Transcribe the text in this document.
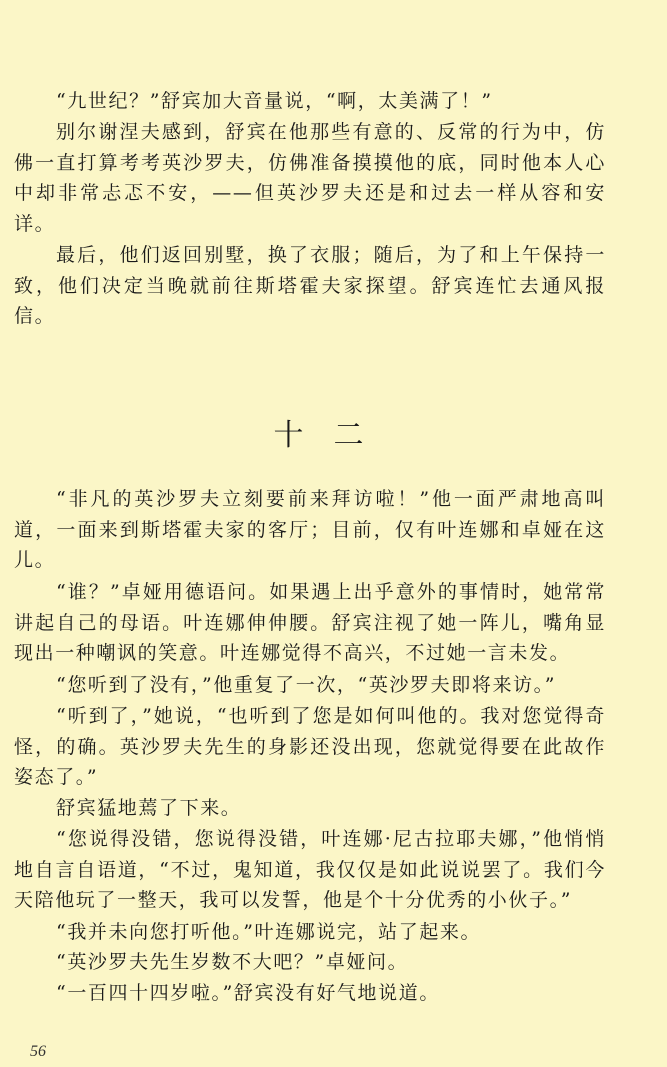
“九世纪？”舒宾加大音量说，“啊，太美满了！”

别尔谢涅夫感到，舒宾在他那些有意的、反常的行为中，仿佛一直打算考考英沙罗夫，仿佛准备摸摸他的底，同时他本人心中却非常忐忑不安，——但英沙罗夫还是和过去一样从容和安详。

最后，他们返回别墅，换了衣服；随后，为了和上午保持一致，他们决定当晚就前往斯塔霍夫家探望。舒宾连忙去通风报信。

十二

“非凡的英沙罗夫立刻要前来拜访啦！”他一面严肃地高叫道，一面来到斯塔霍夫家的客厅；目前，仅有叶连娜和卓娅在这儿。

“谁？”卓娅用德语问。如果遇上出乎意外的事情时，她常常讲起自己的母语。叶连娜伸伸腰。舒宾注视了她一阵儿，嘴角显现出一种嘲讽的笑意。叶连娜觉得不高兴，不过她一言未发。

“您听到了没有，”他重复了一次，“英沙罗夫即将来访。”

“听到了，”她说，“也听到了您是如何叫他的。我对您觉得奇怪，的确。英沙罗夫先生的身影还没出现，您就觉得要在此故作姿态了。”

舒宾猛地蔫了下来。

“您说得没错，您说得没错，叶连娜·尼古拉耶夫娜，”他悄悄地自言自语道，“不过，鬼知道，我仅仅是如此说说罢了。我们今天陪他玩了一整天，我可以发誓，他是个十分优秀的小伙子。”

“我并未向您打听他。”叶连娜说完，站了起来。

“英沙罗夫先生岁数不大吧？”卓娅问。

“一百四十四岁啦。”舒宾没有好气地说道。

56
